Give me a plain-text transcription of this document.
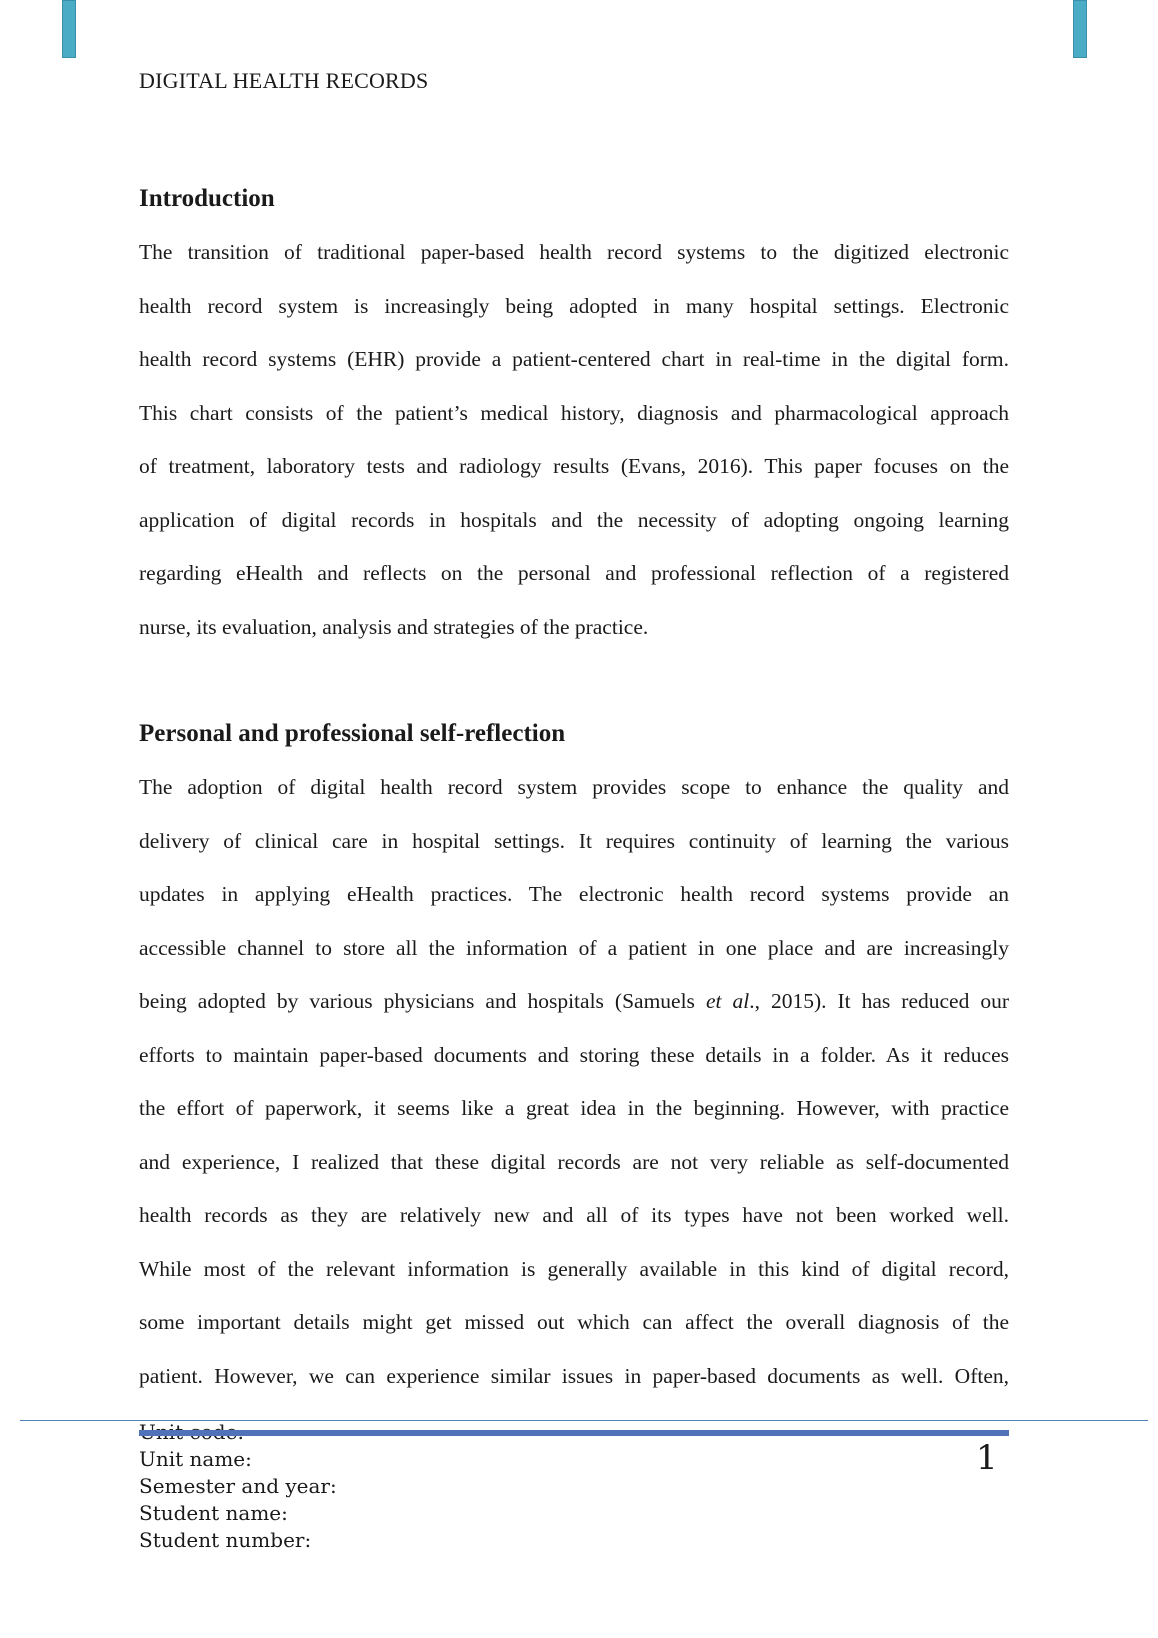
DIGITAL HEALTH RECORDS
Introduction
The transition of traditional paper-based health record systems to the digitized electronic
health record system is increasingly being adopted in many hospital settings. Electronic
health record systems (EHR) provide a patient-centered chart in real-time in the digital form.
This chart consists of the patient’s medical history, diagnosis and pharmacological approach
of treatment, laboratory tests and radiology results (Evans, 2016). This paper focuses on the
application of digital records in hospitals and the necessity of adopting ongoing learning
regarding eHealth and reflects on the personal and professional reflection of a registered
nurse, its evaluation, analysis and strategies of the practice.
Personal and professional self-reflection
The adoption of digital health record system provides scope to enhance the quality and
delivery of clinical care in hospital settings. It requires continuity of learning the various
updates in applying eHealth practices. The electronic health record systems provide an
accessible channel to store all the information of a patient in one place and are increasingly
being adopted by various physicians and hospitals (Samuels et al., 2015). It has reduced our
efforts to maintain paper-based documents and storing these details in a folder. As it reduces
the effort of paperwork, it seems like a great idea in the beginning. However, with practice
and experience, I realized that these digital records are not very reliable as self-documented
health records as they are relatively new and all of its types have not been worked well.
While most of the relevant information is generally available in this kind of digital record,
some important details might get missed out which can affect the overall diagnosis of the
patient. However, we can experience similar issues in paper-based documents as well. Often,
Unit name:
Semester and year:
Student name:
Student number:
1
